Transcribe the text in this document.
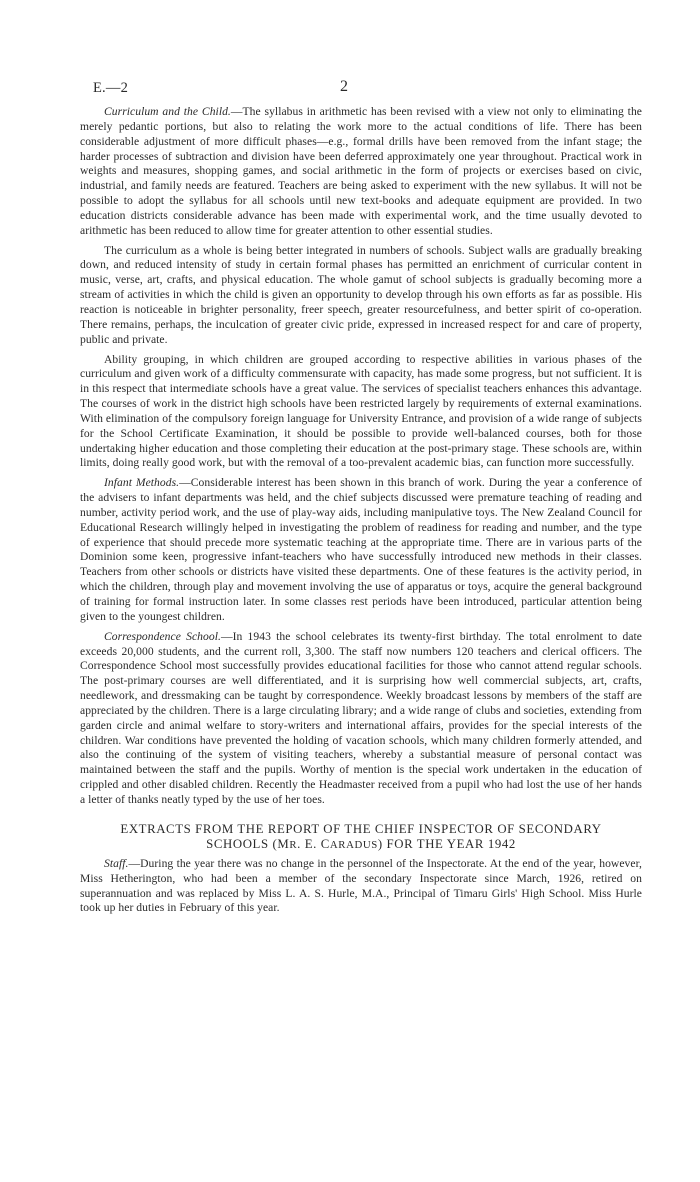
E.—2	2

Curriculum and the Child.—The syllabus in arithmetic has been revised with a view not only to eliminating the merely pedantic portions, but also to relating the work more to the actual conditions of life. There has been considerable adjustment of more difficult phases—e.g., formal drills have been removed from the infant stage; the harder processes of subtraction and division have been deferred approximately one year throughout. Practical work in weights and measures, shopping games, and social arithmetic in the form of projects or exercises based on civic, industrial, and family needs are featured. Teachers are being asked to experiment with the new syllabus. It will not be possible to adopt the syllabus for all schools until new text-books and adequate equipment are provided. In two education districts considerable advance has been made with experimental work, and the time usually devoted to arithmetic has been reduced to allow time for greater attention to other essential studies.

The curriculum as a whole is being better integrated in numbers of schools. Subject walls are gradually breaking down, and reduced intensity of study in certain formal phases has permitted an enrichment of curricular content in music, verse, art, crafts, and physical education. The whole gamut of school subjects is gradually becoming more a stream of activities in which the child is given an opportunity to develop through his own efforts as far as possible. His reaction is noticeable in brighter personality, freer speech, greater resourcefulness, and better spirit of co-operation. There remains, perhaps, the inculcation of greater civic pride, expressed in increased respect for and care of property, public and private.

Ability grouping, in which children are grouped according to respective abilities in various phases of the curriculum and given work of a difficulty commensurate with capacity, has made some progress, but not sufficient. It is in this respect that intermediate schools have a great value. The services of specialist teachers enhances this advantage. The courses of work in the district high schools have been restricted largely by requirements of external examinations. With elimination of the compulsory foreign language for University Entrance, and provision of a wide range of subjects for the School Certificate Examination, it should be possible to provide well-balanced courses, both for those undertaking higher education and those completing their education at the post-primary stage. These schools are, within limits, doing really good work, but with the removal of a too-prevalent academic bias, can function more successfully.

Infant Methods.—Considerable interest has been shown in this branch of work. During the year a conference of the advisers to infant departments was held, and the chief subjects discussed were premature teaching of reading and number, activity period work, and the use of play-way aids, including manipulative toys. The New Zealand Council for Educational Research willingly helped in investigating the problem of readiness for reading and number, and the type of experience that should precede more systematic teaching at the appropriate time. There are in various parts of the Dominion some keen, progressive infant-teachers who have successfully introduced new methods in their classes. Teachers from other schools or districts have visited these departments. One of these features is the activity period, in which the children, through play and movement involving the use of apparatus or toys, acquire the general background of training for formal instruction later. In some classes rest periods have been introduced, particular attention being given to the youngest children.

Correspondence School.—In 1943 the school celebrates its twenty-first birthday. The total enrolment to date exceeds 20,000 students, and the current roll, 3,300. The staff now numbers 120 teachers and clerical officers. The Correspondence School most successfully provides educational facilities for those who cannot attend regular schools. The post-primary courses are well differentiated, and it is surprising how well commercial subjects, art, crafts, needlework, and dressmaking can be taught by correspondence. Weekly broadcast lessons by members of the staff are appreciated by the children. There is a large circulating library; and a wide range of clubs and societies, extending from garden circle and animal welfare to story-writers and international affairs, provides for the special interests of the children. War conditions have prevented the holding of vacation schools, which many children formerly attended, and also the continuing of the system of visiting teachers, whereby a substantial measure of personal contact was maintained between the staff and the pupils. Worthy of mention is the special work undertaken in the education of crippled and other disabled children. Recently the Headmaster received from a pupil who had lost the use of her hands a letter of thanks neatly typed by the use of her toes.

EXTRACTS FROM THE REPORT OF THE CHIEF INSPECTOR OF SECONDARY
SCHOOLS (MR. E. CARADUS) FOR THE YEAR 1942

Staff.—During the year there was no change in the personnel of the Inspectorate. At the end of the year, however, Miss Hetherington, who had been a member of the secondary Inspectorate since March, 1926, retired on superannuation and was replaced by Miss L. A. S. Hurle, M.A., Principal of Timaru Girls' High School. Miss Hurle took up her duties in February of this year.
